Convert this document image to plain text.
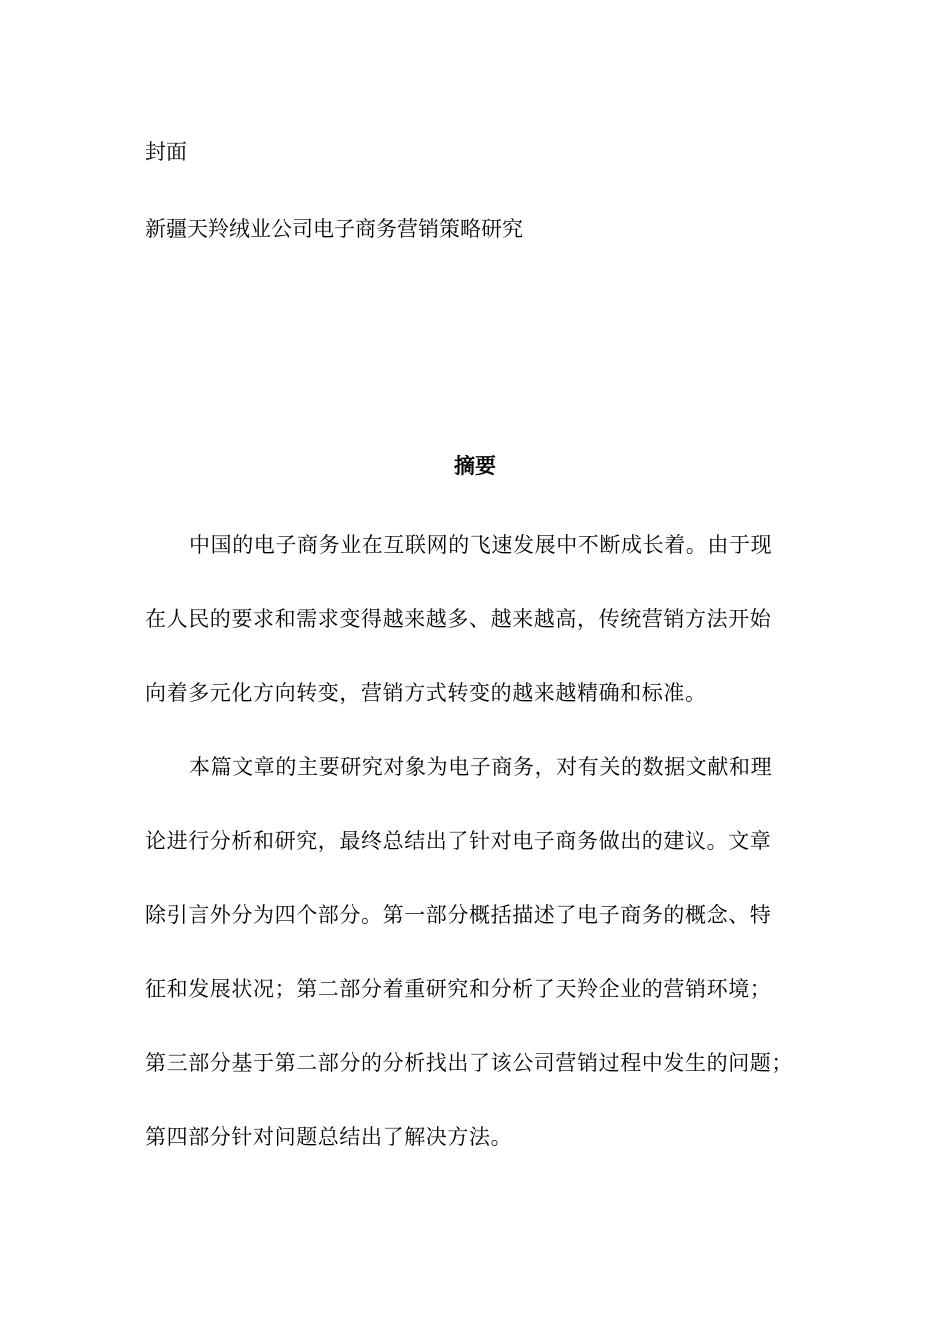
封面
新疆天羚绒业公司电子商务营销策略研究
摘要
中国的电子商务业在互联网的飞速发展中不断成长着。由于现
在人民的要求和需求变得越来越多、越来越高，传统营销方法开始
向着多元化方向转变，营销方式转变的越来越精确和标准。
本篇文章的主要研究对象为电子商务，对有关的数据文献和理
论进行分析和研究，最终总结出了针对电子商务做出的建议。文章
除引言外分为四个部分。第一部分概括描述了电子商务的概念、特
征和发展状况；第二部分着重研究和分析了天羚企业的营销环境；
第三部分基于第二部分的分析找出了该公司营销过程中发生的问题；
第四部分针对问题总结出了解决方法。
